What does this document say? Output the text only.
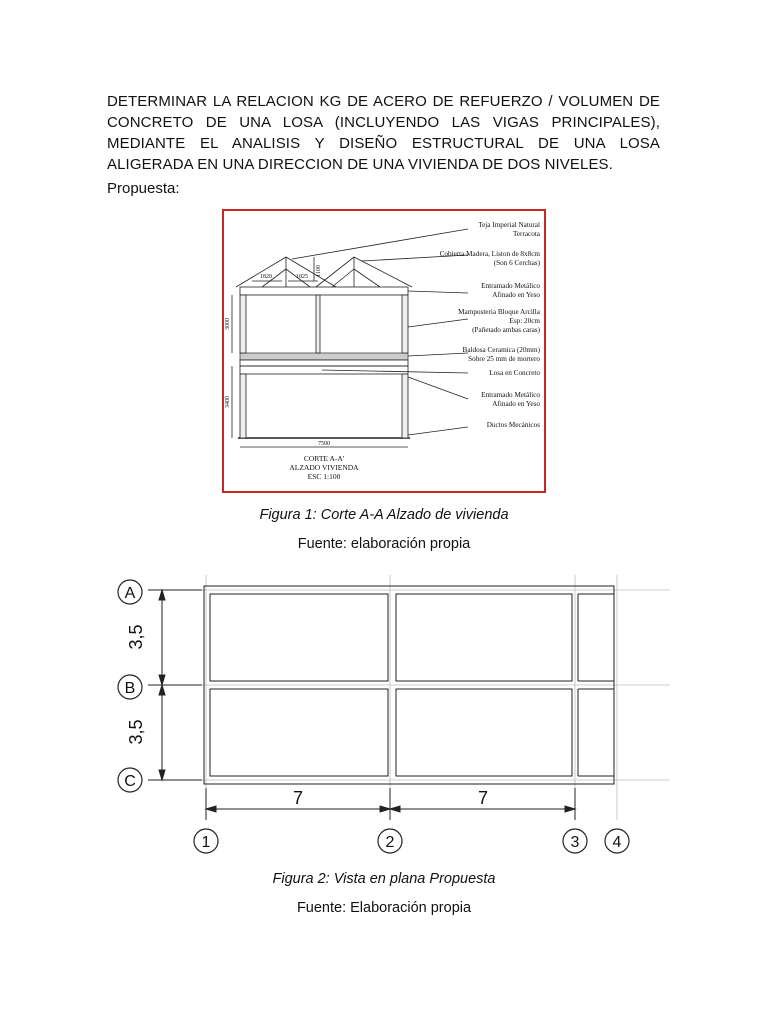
DETERMINAR LA RELACION KG DE ACERO DE REFUERZO / VOLUMEN DE CONCRETO DE UNA LOSA (INCLUYENDO LAS VIGAS PRINCIPALES), MEDIANTE EL ANALISIS Y DISEÑO ESTRUCTURAL DE UNA LOSA ALIGERADA EN UNA DIRECCION DE UNA VIVIENDA DE DOS NIVELES.
Propuesta:
Teja Imperial Natural
Terracota
Cobierta Madera, Liston de 8x8cm
(Son 6 Cerchas)
Entramado Metálico
Afinado en Yeso
Mamposteria Bloque Arcilla
Esp: 20cm
(Pañetado ambas caras)
Baldosa Ceramica (20mm)
Sobre 25 mm de mortero
Losa en Concreto
Entramado Metálico
Afinado en Yeso
Ductos Mecánicos
1820	1825
1100
3000
3400
7500
CORTE A-A'
ALZADO VIVIENDA
ESC 1:100
Figura 1: Corte A-A Alzado de vivienda
Fuente: elaboración propia
A
B
C
1	2	3 4
3,5
3,5
7	7
Figura 2: Vista en plana Propuesta
Fuente: Elaboración propia
